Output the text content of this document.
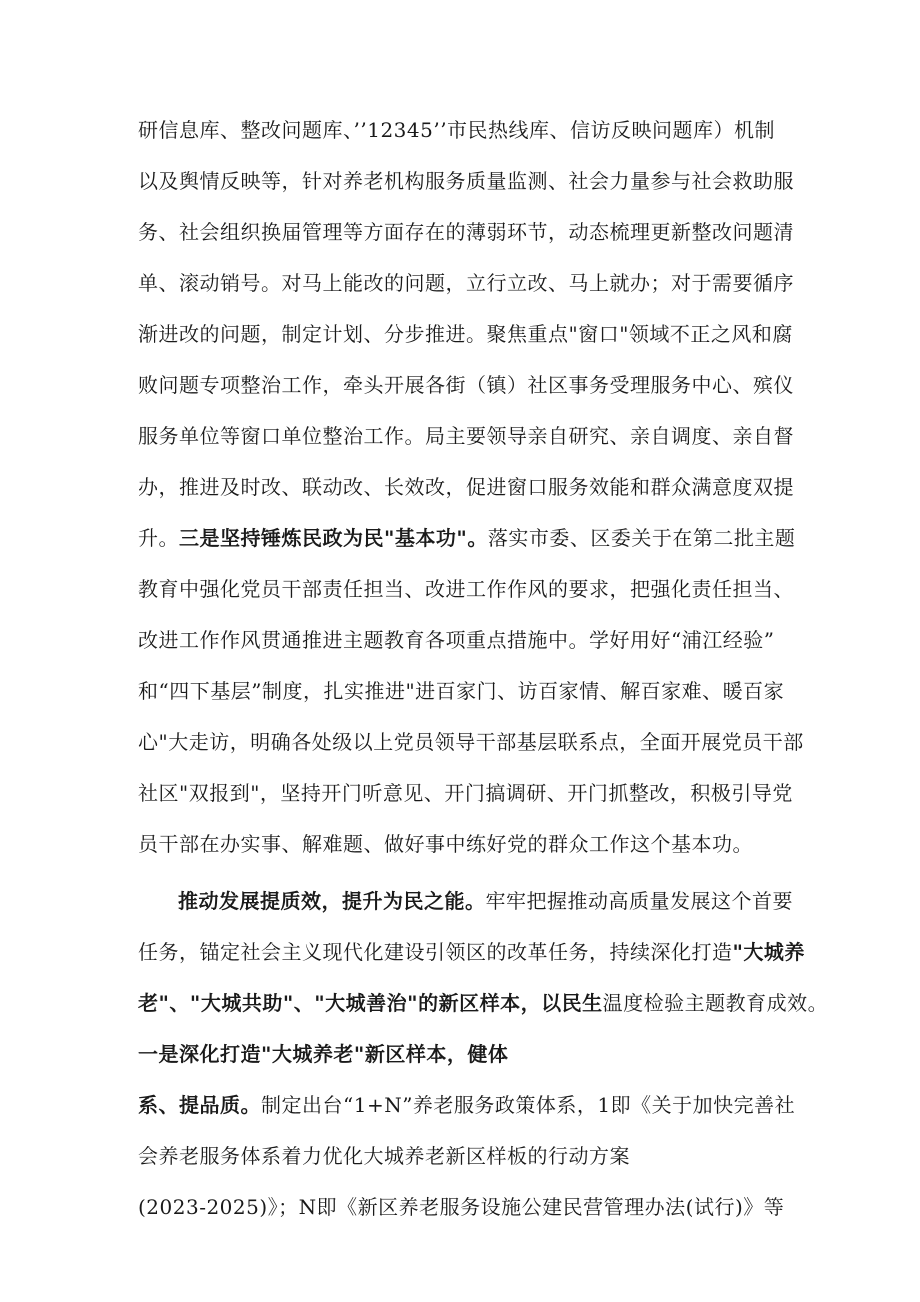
研信息库、整改问题库、’’12345’’市民热线库、信访反映问题库）机制
以及舆情反映等，针对养老机构服务质量监测、社会力量参与社会救助服
务、社会组织换届管理等方面存在的薄弱环节，动态梳理更新整改问题清
单、滚动销号。对马上能改的问题，立行立改、马上就办；对于需要循序
渐进改的问题，制定计划、分步推进。聚焦重点"窗口"领域不正之风和腐
败问题专项整治工作，牵头开展各街（镇）社区事务受理服务中心、殡仪
服务单位等窗口单位整治工作。局主要领导亲自研究、亲自调度、亲自督
办，推进及时改、联动改、长效改，促进窗口服务效能和群众满意度双提
升。三是坚持锤炼民政为民"基本功"。落实市委、区委关于在第二批主题
教育中强化党员干部责任担当、改进工作作风的要求，把强化责任担当、
改进工作作风贯通推进主题教育各项重点措施中。学好用好“浦江经验”
和“四下基层”制度，扎实推进"进百家门、访百家情、解百家难、暖百家
心"大走访，明确各处级以上党员领导干部基层联系点，全面开展党员干部
社区"双报到"，坚持开门听意见、开门搞调研、开门抓整改，积极引导党
员干部在办实事、解难题、做好事中练好党的群众工作这个基本功。
推动发展提质效，提升为民之能。牢牢把握推动高质量发展这个首要
任务，锚定社会主义现代化建设引领区的改革任务，持续深化打造"大城养
老"、"大城共助"、"大城善治"的新区样本，以民生温度检验主题教育成效。
一是深化打造"大城养老"新区样本，健体
系、提品质。制定出台“1+N”养老服务政策体系，1即《关于加快完善社
会养老服务体系着力优化大城养老新区样板的行动方案
(2023-2025)》；N即《新区养老服务设施公建民营管理办法(试行)》等
